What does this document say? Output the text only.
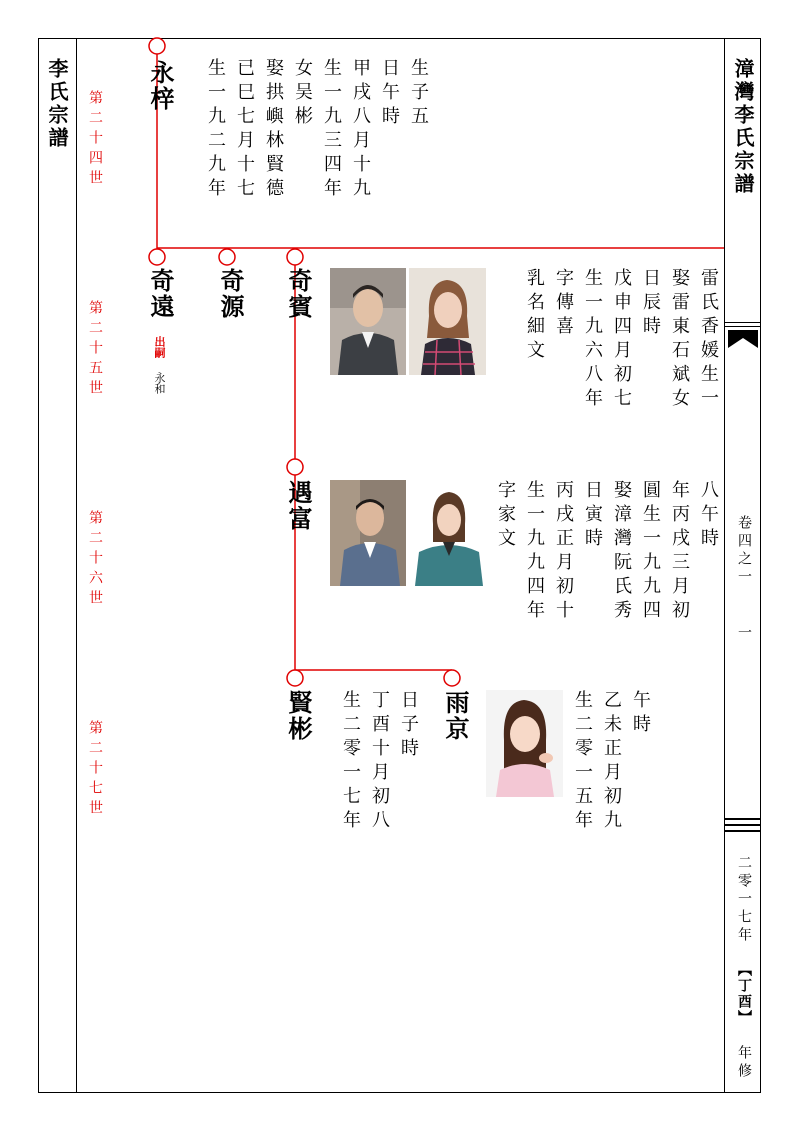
李氏宗譜	漳灣李氏宗譜
卷四之一
一
二零一七年
【丁酉】
年修
第二十四世
第二十五世
第二十六世
第二十七世
永梓	生子五
日午時
甲戌八月十九
生一九三四年
女吴彬
娶拱嶼林賢德
已巳七月十七
生一九二九年
奇遠
出嗣
永和
奇源 奇賓	雷氏香媛生一
娶雷東石斌女
日辰時
戊申四月初七
生一九六八年
字傳喜
乳名細文
遇富	八午時
年丙戌三月初
圓生一九九四
娶漳灣阮氏秀
日寅時
丙戌正月初十
生一九九四年
字家文
賢彬	日子時
丁酉十月初八
生二零一七年	雨京	午時
乙未正月初九
生二零一五年
